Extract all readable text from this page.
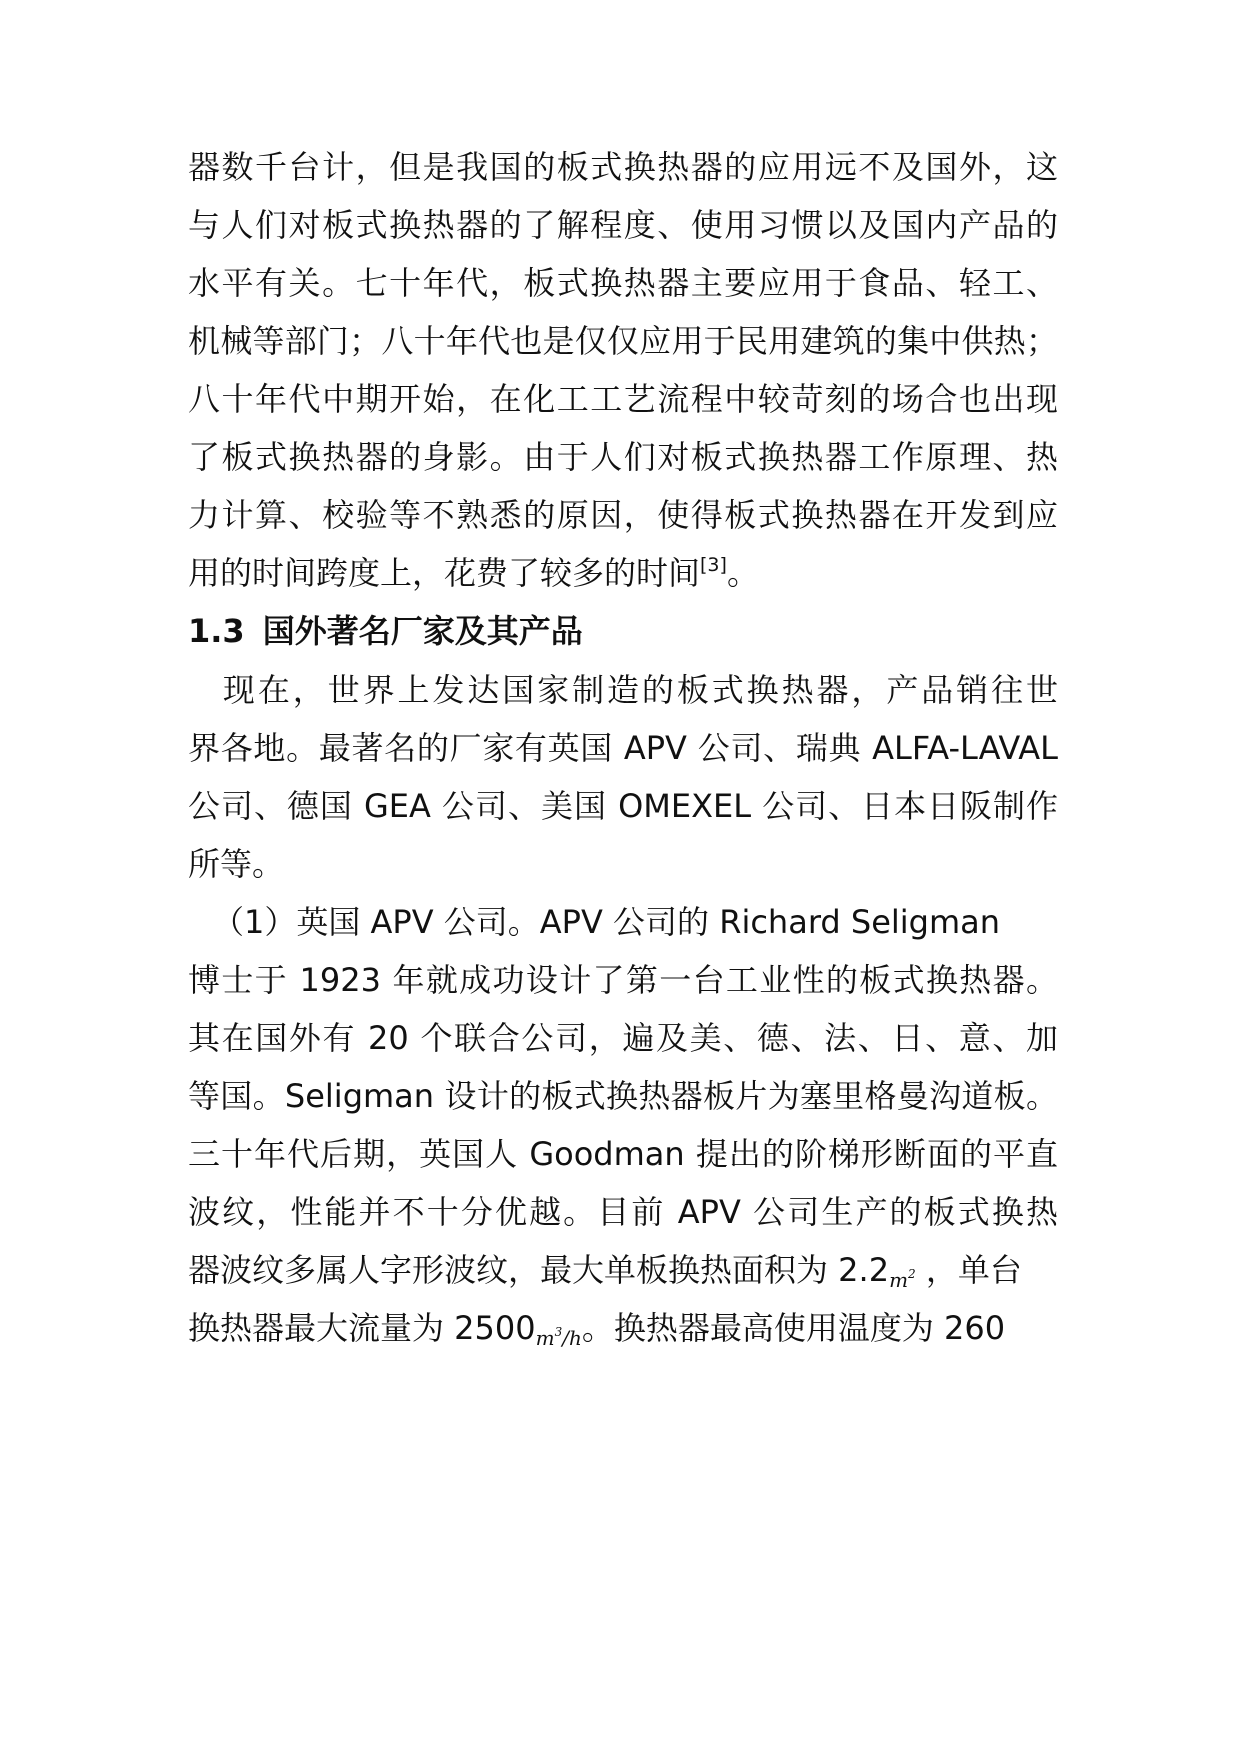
器数千台计，但是我国的板式换热器的应用远不及国外，这
与人们对板式换热器的了解程度、使用习惯以及国内产品的
水平有关。七十年代，板式换热器主要应用于食品、轻工、
机械等部门；八十年代也是仅仅应用于民用建筑的集中供热；
八十年代中期开始，在化工工艺流程中较苛刻的场合也出现
了板式换热器的身影。由于人们对板式换热器工作原理、热
力计算、校验等不熟悉的原因，使得板式换热器在开发到应
用的时间跨度上，花费了较多的时间[3]。
1.3 国外著名厂家及其产品
　现在，世界上发达国家制造的板式换热器，产品销往世
界各地。最著名的厂家有英国 APV 公司、瑞典 ALFA-LAVAL
公司、德国 GEA 公司、美国 OMEXEL 公司、日本日阪制作
所等。
（1）英国 APV 公司。APV 公司的 Richard Seligman
博士于 1923 年就成功设计了第一台工业性的板式换热器。
其在国外有 20 个联合公司，遍及美、德、法、日、意、加
等国。Seligman 设计的板式换热器板片为塞里格曼沟道板。
三十年代后期，英国人 Goodman 提出的阶梯形断面的平直
波纹，性能并不十分优越。目前 APV 公司生产的板式换热
器波纹多属人字形波纹，最大单板换热面积为 $2.2m^2$ ，单台
换热器最大流量为 $2500m^3/h$。换热器最高使用温度为 260
